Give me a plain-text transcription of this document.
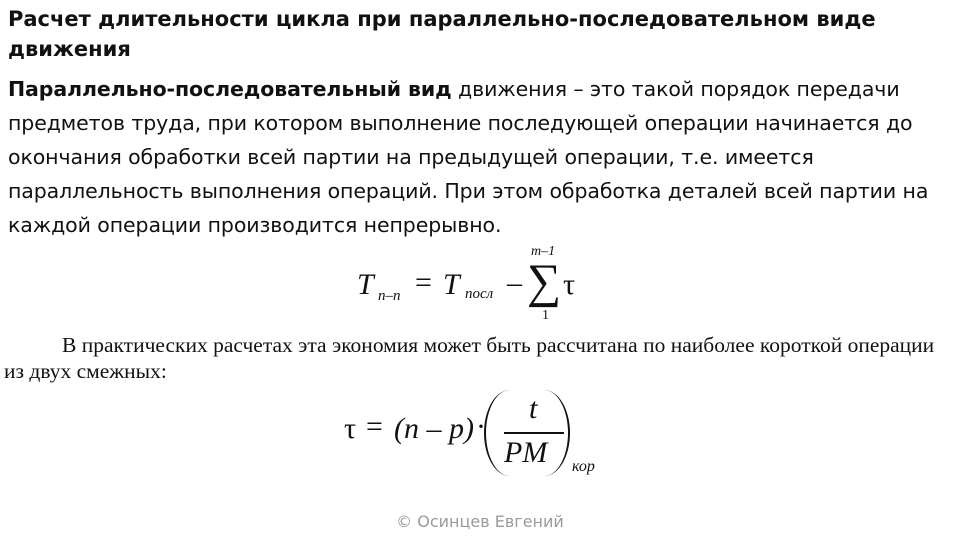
Расчет длительности цикла при параллельно-последовательном виде движения

Параллельно-последовательный вид движения – это такой порядок передачи предметов труда, при котором выполнение последующей операции начинается до окончания обработки всей партии на предыдущей операции, т.е. имеется параллельность выполнения операций. При этом обработка деталей всей партии на каждой операции производится непрерывно.

T п–п = T посл –
m–1
∑
1
τ

В практических расчетах эта экономия может быть рассчитана по наиболее короткой операции из двух смежных:

τ = (n – p) ·
t
PM кор
© Осинцев Евгений
